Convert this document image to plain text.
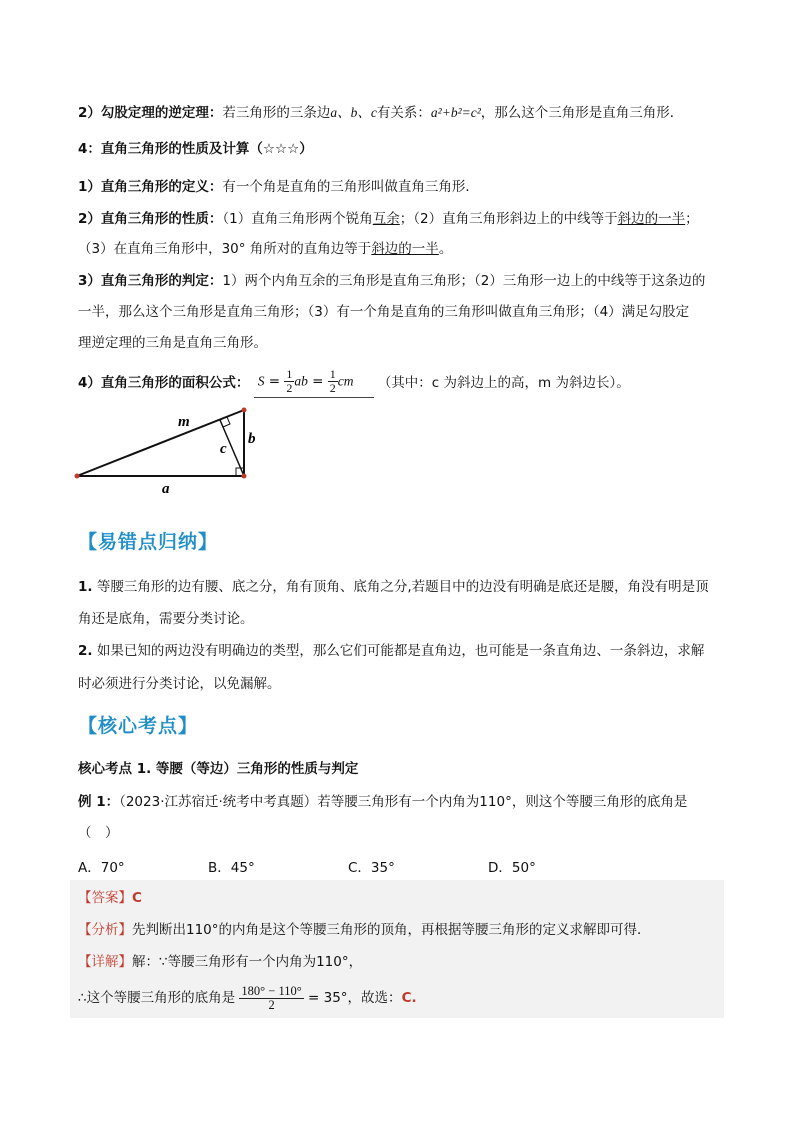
2）勾股定理的逆定理：若三角形的三条边a、b、c有关系：a²+b²=c²，那么这个三角形是直角三角形．
4：直角三角形的性质及计算（☆☆☆）
1）直角三角形的定义：有一个角是直角的三角形叫做直角三角形．
2）直角三角形的性质：（1）直角三角形两个锐角互余；（2）直角三角形斜边上的中线等于斜边的一半；
（3）在直角三角形中，30° 角所对的直角边等于斜边的一半。
3）直角三角形的判定：1）两个内角互余的三角形是直角三角形；（2）三角形一边上的中线等于这条边的
一半，那么这个三角形是直角三角形；（3）有一个角是直角的三角形叫做直角三角形；（4）满足勾股定
理逆定理的三角是直角三角形。
4）直角三角形的面积公式： $S = \frac{1}{2}$ ab = $\frac{1}{2}$ cm （其中：c 为斜边上的高，m 为斜边长）。
m
b
c
a
【易错点归纳】
1. 等腰三角形的边有腰、底之分，角有顶角、底角之分,若题目中的边没有明确是底还是腰，角没有明是顶
角还是底角，需要分类讨论。
2. 如果已知的两边没有明确边的类型，那么它们可能都是直角边，也可能是一条直角边、一条斜边，求解
时必须进行分类讨论，以免漏解。
【核心考点】
核心考点 1. 等腰（等边）三角形的性质与判定
例 1：（2023·江苏宿迁·统考中考真题）若等腰三角形有一个内角为110°，则这个等腰三角形的底角是
（　）
A．70°	B．45°	C．35°	D．50°
【答案】C
【分析】先判断出110°的内角是这个等腰三角形的顶角，再根据等腰三角形的定义求解即可得．
【详解】解：∵等腰三角形有一个内角为110°，
∴这个等腰三角形的底角是 $\frac{180^\circ - 110^\circ}{2} = 35^\circ$，故选：C.
